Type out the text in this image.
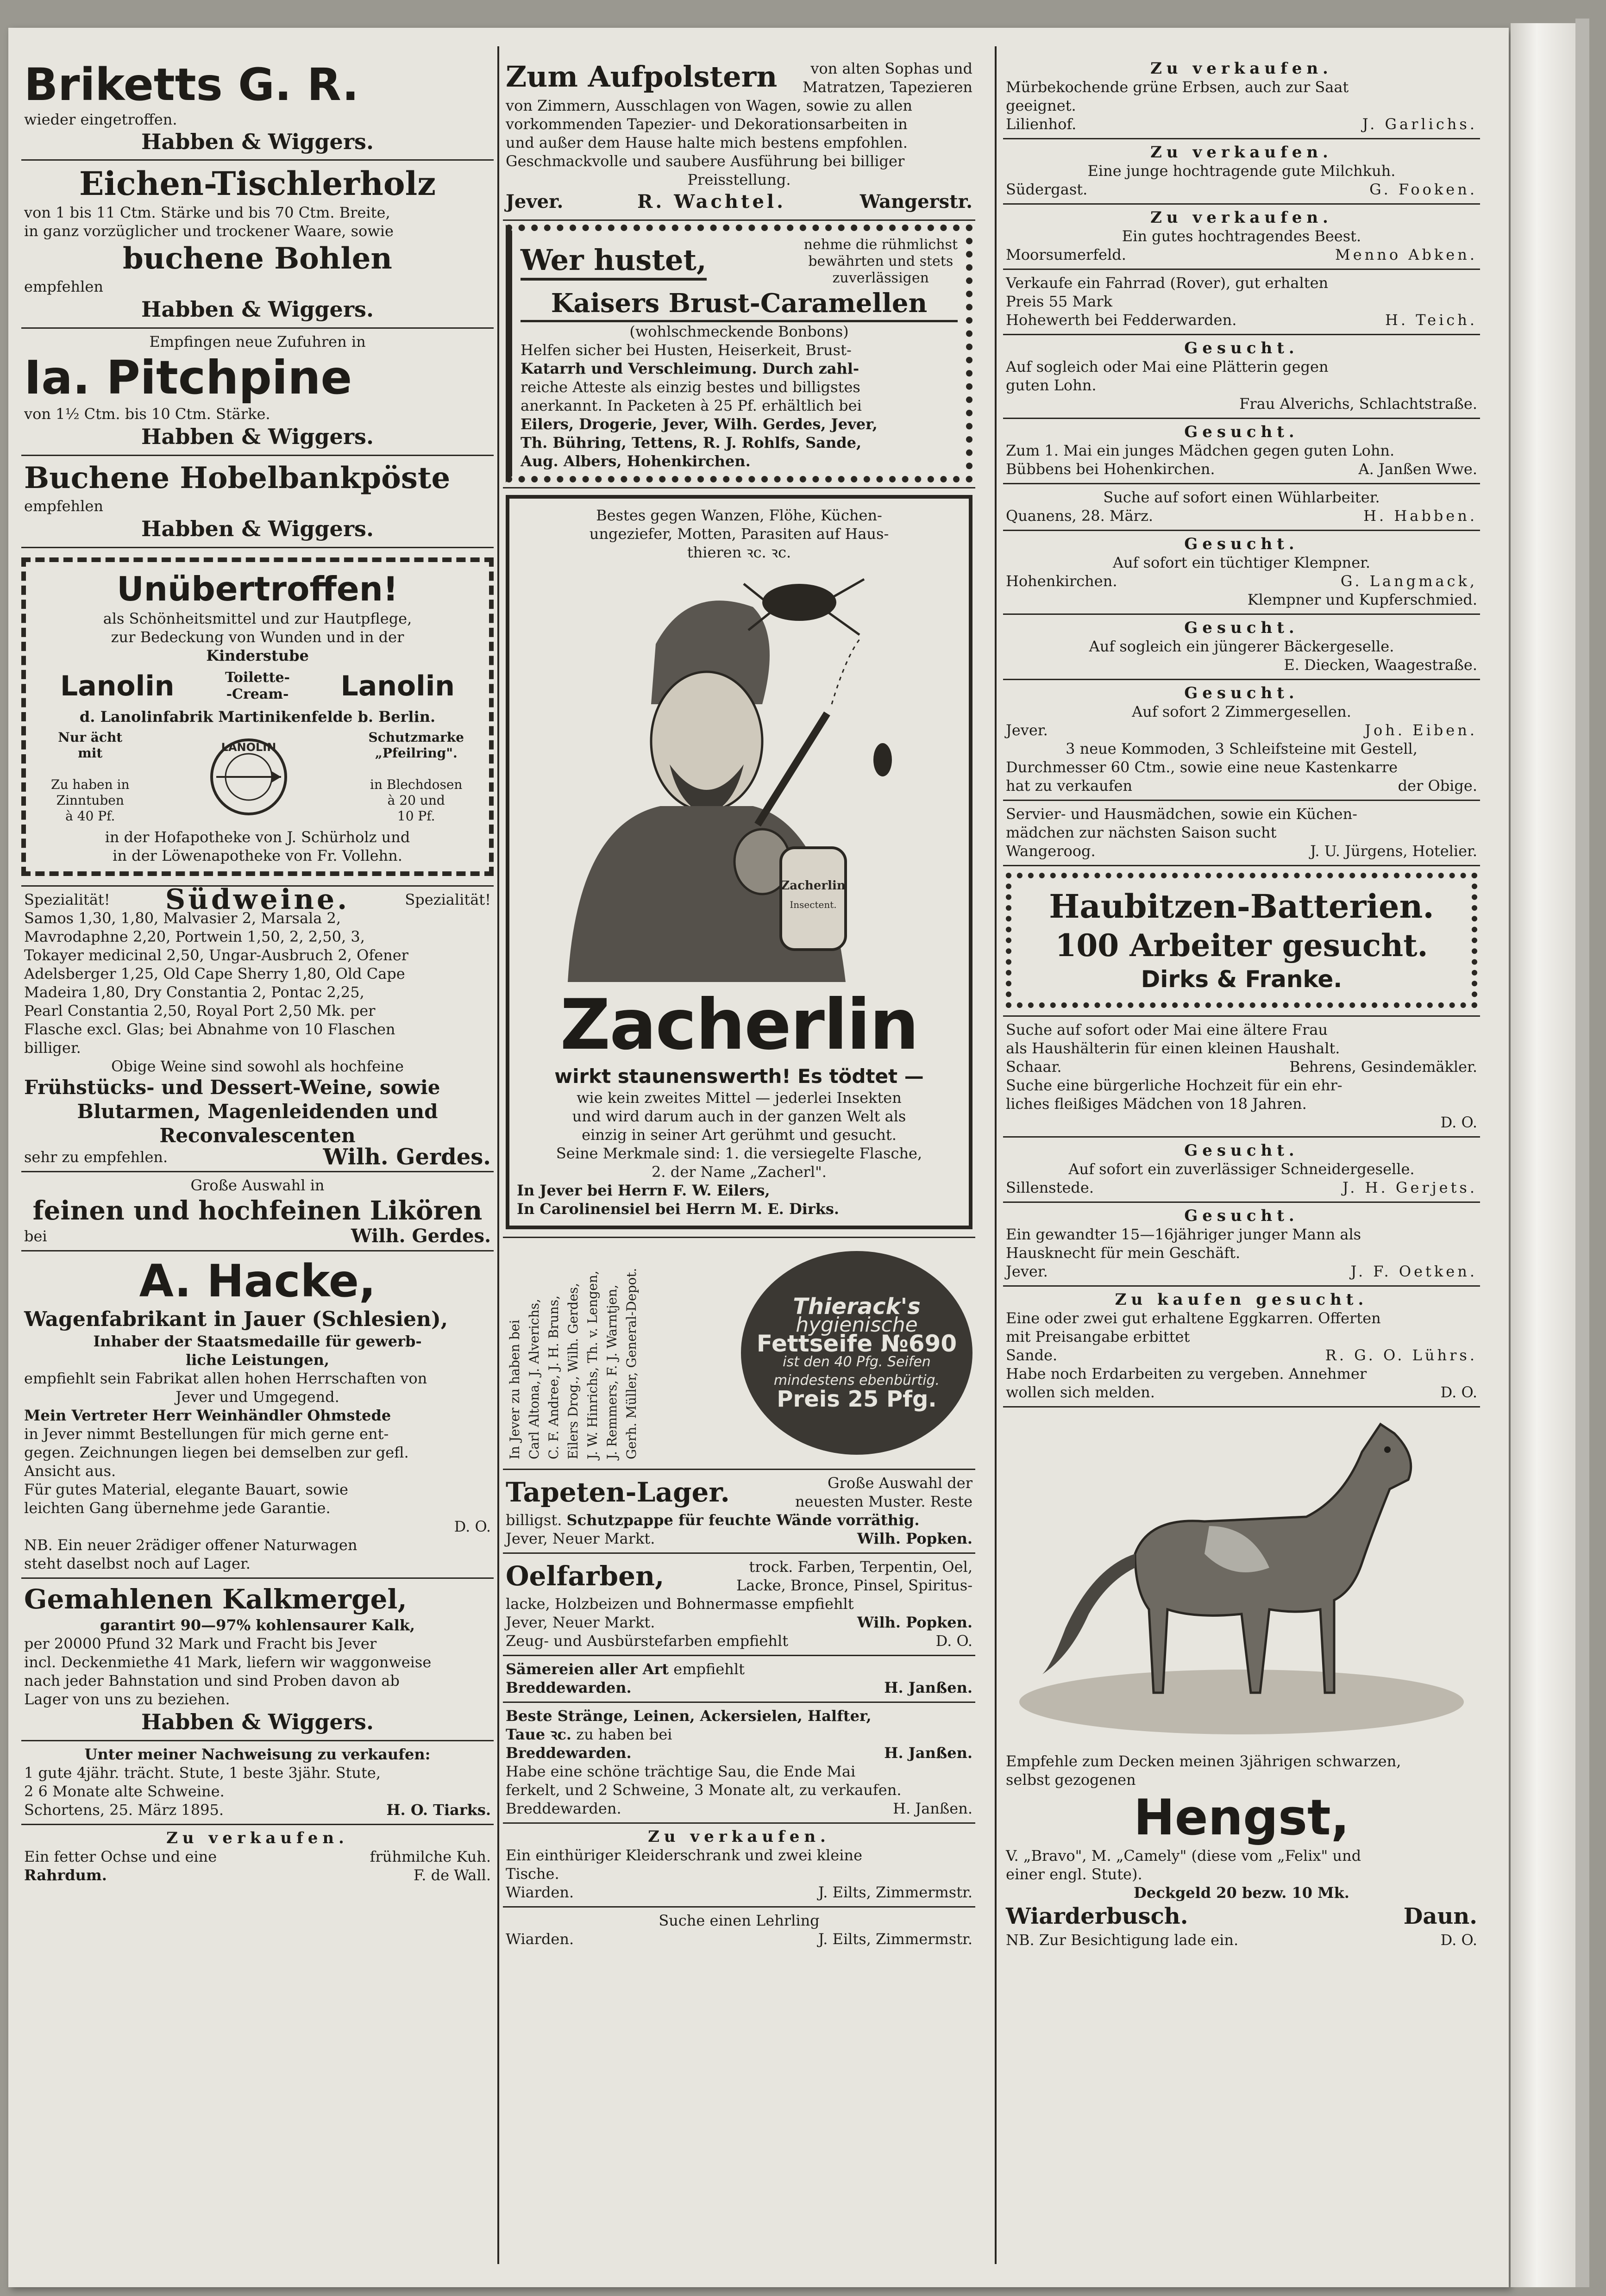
Briketts G. R.

wieder eingetroffen.

Habben & Wiggers.

Eichen-Tischlerholz

von 1 bis 11 Ctm. Stärke und bis 70 Ctm. Breite,

in ganz vorzüglicher und trockener Waare, sowie

buchene Bohlen

empfehlen

Habben & Wiggers.

Empfingen neue Zufuhren in

Ia. Pitchpine

von 1½ Ctm. bis 10 Ctm. Stärke.

Habben & Wiggers.

Buchene Hobelbankpöste

empfehlen

Habben & Wiggers.

Unübertroffen!

als Schönheitsmittel und zur Hautpflege,

zur Bedeckung von Wunden und in der

Kinderstube

Lanolin	Toilette-
-Cream- Lanolin

d. Lanolinfabrik Martinikenfelde b. Berlin.

Nur ächt

mit

Zu haben in

Zinntuben

à 40 Pf.

LANOLIN

Schutzmarke

„Pfeilring".

in Blechdosen

à 20 und

10 Pf.

in der Hofapotheke von J. Schürholz und

in der Löwenapotheke von Fr. Vollehn.

Spezialität! Südweine.	Spezialität!

Samos 1,30, 1,80, Malvasier 2, Marsala 2,

Mavrodaphne 2,20, Portwein 1,50, 2, 2,50, 3,

Tokayer medicinal 2,50, Ungar-Ausbruch 2, Ofener

Adelsberger 1,25, Old Cape Sherry 1,80, Old Cape

Madeira 1,80, Dry Constantia 2, Pontac 2,25,

Pearl Constantia 2,50, Royal Port 2,50 Mk. per

Flasche excl. Glas; bei Abnahme von 10 Flaschen

billiger.

Obige Weine sind sowohl als hochfeine

Frühstücks- und Dessert-Weine, sowie

Blutarmen, Magenleidenden und

Reconvalescenten

sehr zu empfehlen.	Wilh. Gerdes.

Große Auswahl in

feinen und hochfeinen Likören

bei	Wilh. Gerdes.

A. Hacke,

Wagenfabrikant in Jauer (Schlesien),

Inhaber der Staatsmedaille für gewerb-

liche Leistungen,

empfiehlt sein Fabrikat allen hohen Herrschaften von

Jever und Umgegend.

Mein Vertreter Herr Weinhändler Ohmstede

in Jever nimmt Bestellungen für mich gerne ent-

gegen. Zeichnungen liegen bei demselben zur gefl.

Ansicht aus.

Für gutes Material, elegante Bauart, sowie

leichten Gang übernehme jede Garantie.

D. O.

NB. Ein neuer 2rädiger offener Naturwagen

steht daselbst noch auf Lager.

Gemahlenen Kalkmergel,

garantirt 90—97% kohlensaurer Kalk,

per 20000 Pfund 32 Mark und Fracht bis Jever

incl. Deckenmiethe 41 Mark, liefern wir waggonweise

nach jeder Bahnstation und sind Proben davon ab

Lager von uns zu beziehen.

Habben & Wiggers.

Unter meiner Nachweisung zu verkaufen:

1 gute 4jähr. trächt. Stute, 1 beste 3jähr. Stute,

2 6 Monate alte Schweine.

Schortens, 25. März 1895.	H. O. Tiarks.

Zu verkaufen.

Ein fetter Ochse und eine

Rahrdum.

frühmilche Kuh.

F. de Wall.

Zum Aufpolstern	von alten Sophas und

Matratzen, Tapezieren

von Zimmern, Ausschlagen von Wagen, sowie zu allen

vorkommenden Tapezier- und Dekorationsarbeiten in

und außer dem Hause halte mich bestens empfohlen.

Geschmackvolle und saubere Ausführung bei billiger

Preisstellung.

Jever.	R. Wachtel.	Wangerstr.
Wer hustet,	nehme die rühmlichst

bewährten und stets

zuverlässigen

Kaisers Brust-Caramellen

(wohlschmeckende Bonbons)

Helfen sicher bei Husten, Heiserkeit, Brust-

Katarrh und Verschleimung. Durch zahl-

reiche Atteste als einzig bestes und billigstes

anerkannt. In Packeten à 25 Pf. erhältlich bei

Eilers, Drogerie, Jever, Wilh. Gerdes, Jever,

Th. Bühring, Tettens, R. J. Rohlfs, Sande,

Aug. Albers, Hohenkirchen.

Bestes gegen Wanzen, Flöhe, Küchen-

ungeziefer, Motten, Parasiten auf Haus-

thieren ꝛc. ꝛc.

Zacherlin
Insectent.

Zacherlin

wirkt staunenswerth! Es tödtet —

wie kein zweites Mittel — jederlei Insekten

und wird darum auch in der ganzen Welt als

einzig in seiner Art gerühmt und gesucht.

Seine Merkmale sind: 1. die versiegelte Flasche,

2. der Name „Zacherl".

In Jever bei Herrn F. W. Eilers,

In Carolinensiel bei Herrn M. E. Dirks.

In Jever zu haben bei Carl Altona, J. Alverichs, C. F. Andree, J. H. Bruns, Eilers Drog., Wilh. Gerdes, J. W. Hinrichs, Th. v. Lengen, J. Remmers, F. J. Warntjen, Gerh. Müller, General-Depot.	Thierack's
hygienische
Fettseife №690
ist den 40 Pfg. Seifen
mindestens ebenbürtig.
Preis 25 Pfg.
Tapeten-Lager.	Große Auswahl der

neuesten Muster. Reste

billigst. Schutzpappe für feuchte Wände vorräthig.

Jever, Neuer Markt.	Wilh. Popken.
Oelfarben,	trock. Farben, Terpentin, Oel,

Lacke, Bronce, Pinsel, Spiritus-

lacke, Holzbeizen und Bohnermasse empfiehlt

Jever, Neuer Markt.	Wilh. Popken.
Zeug- und Ausbürstefarben empfiehlt	D. O.

Sämereien aller Art empfiehlt

Breddewarden.	H. Janßen.

Beste Stränge, Leinen, Ackersielen, Halfter,

Taue ꝛc. zu haben bei

Breddewarden.	H. Janßen.

Habe eine schöne trächtige Sau, die Ende Mai

ferkelt, und 2 Schweine, 3 Monate alt, zu verkaufen.

Breddewarden.	H. Janßen.

Zu verkaufen.

Ein einthüriger Kleiderschrank und zwei kleine

Tische.

Wiarden.	J. Eilts, Zimmermstr.

Suche einen Lehrling

Wiarden.	J. Eilts, Zimmermstr.

Zu verkaufen.

Mürbekochende grüne Erbsen, auch zur Saat

geeignet.

Lilienhof.	J. Garlichs.

Zu verkaufen.

Eine junge hochtragende gute Milchkuh.

Südergast.	G. Fooken.

Zu verkaufen.

Ein gutes hochtragendes Beest.

Moorsumerfeld.	Menno Abken.

Verkaufe ein Fahrrad (Rover), gut erhalten

Preis 55 Mark

Hohewerth bei Fedderwarden.	H. Teich.

Gesucht.

Auf sogleich oder Mai eine Plätterin gegen

guten Lohn.

Frau Alverichs, Schlachtstraße.

Gesucht.

Zum 1. Mai ein junges Mädchen gegen guten Lohn.

Bübbens bei Hohenkirchen.	A. Janßen Wwe.

Suche auf sofort einen Wühlarbeiter.

Quanens, 28. März.	H. Habben.

Gesucht.

Auf sofort ein tüchtiger Klempner.

Hohenkirchen.	G. Langmack,

Klempner und Kupferschmied.

Gesucht.

Auf sogleich ein jüngerer Bäckergeselle.

E. Diecken, Waagestraße.

Gesucht.

Auf sofort 2 Zimmergesellen.

Jever.	Joh. Eiben.

3 neue Kommoden, 3 Schleifsteine mit Gestell,

Durchmesser 60 Ctm., sowie eine neue Kastenkarre

hat zu verkaufen	der Obige.

Servier- und Hausmädchen, sowie ein Küchen-

mädchen zur nächsten Saison sucht

Wangeroog.	J. U. Jürgens, Hotelier.

Haubitzen-Batterien.

100 Arbeiter gesucht.

Dirks & Franke.

Suche auf sofort oder Mai eine ältere Frau

als Haushälterin für einen kleinen Haushalt.

Schaar.	Behrens, Gesindemäkler.

Suche eine bürgerliche Hochzeit für ein ehr-

liches fleißiges Mädchen von 18 Jahren.

D. O.

Gesucht.

Auf sofort ein zuverlässiger Schneidergeselle.

Sillenstede.	J. H. Gerjets.

Gesucht.

Ein gewandter 15—16jähriger junger Mann als

Hausknecht für mein Geschäft.

Jever.	J. F. Oetken.

Zu kaufen gesucht.

Eine oder zwei gut erhaltene Eggkarren. Offerten

mit Preisangabe erbittet

Sande.	R. G. O. Lührs.

Habe noch Erdarbeiten zu vergeben. Annehmer

wollen sich melden.	D. O.

Empfehle zum Decken meinen 3jährigen schwarzen,

selbst gezogenen

Hengst,

V. „Bravo", M. „Camely" (diese vom „Felix" und

einer engl. Stute).

Deckgeld 20 bezw. 10 Mk.

Wiarderbusch.	Daun.
NB. Zur Besichtigung lade ein.	D. O.
